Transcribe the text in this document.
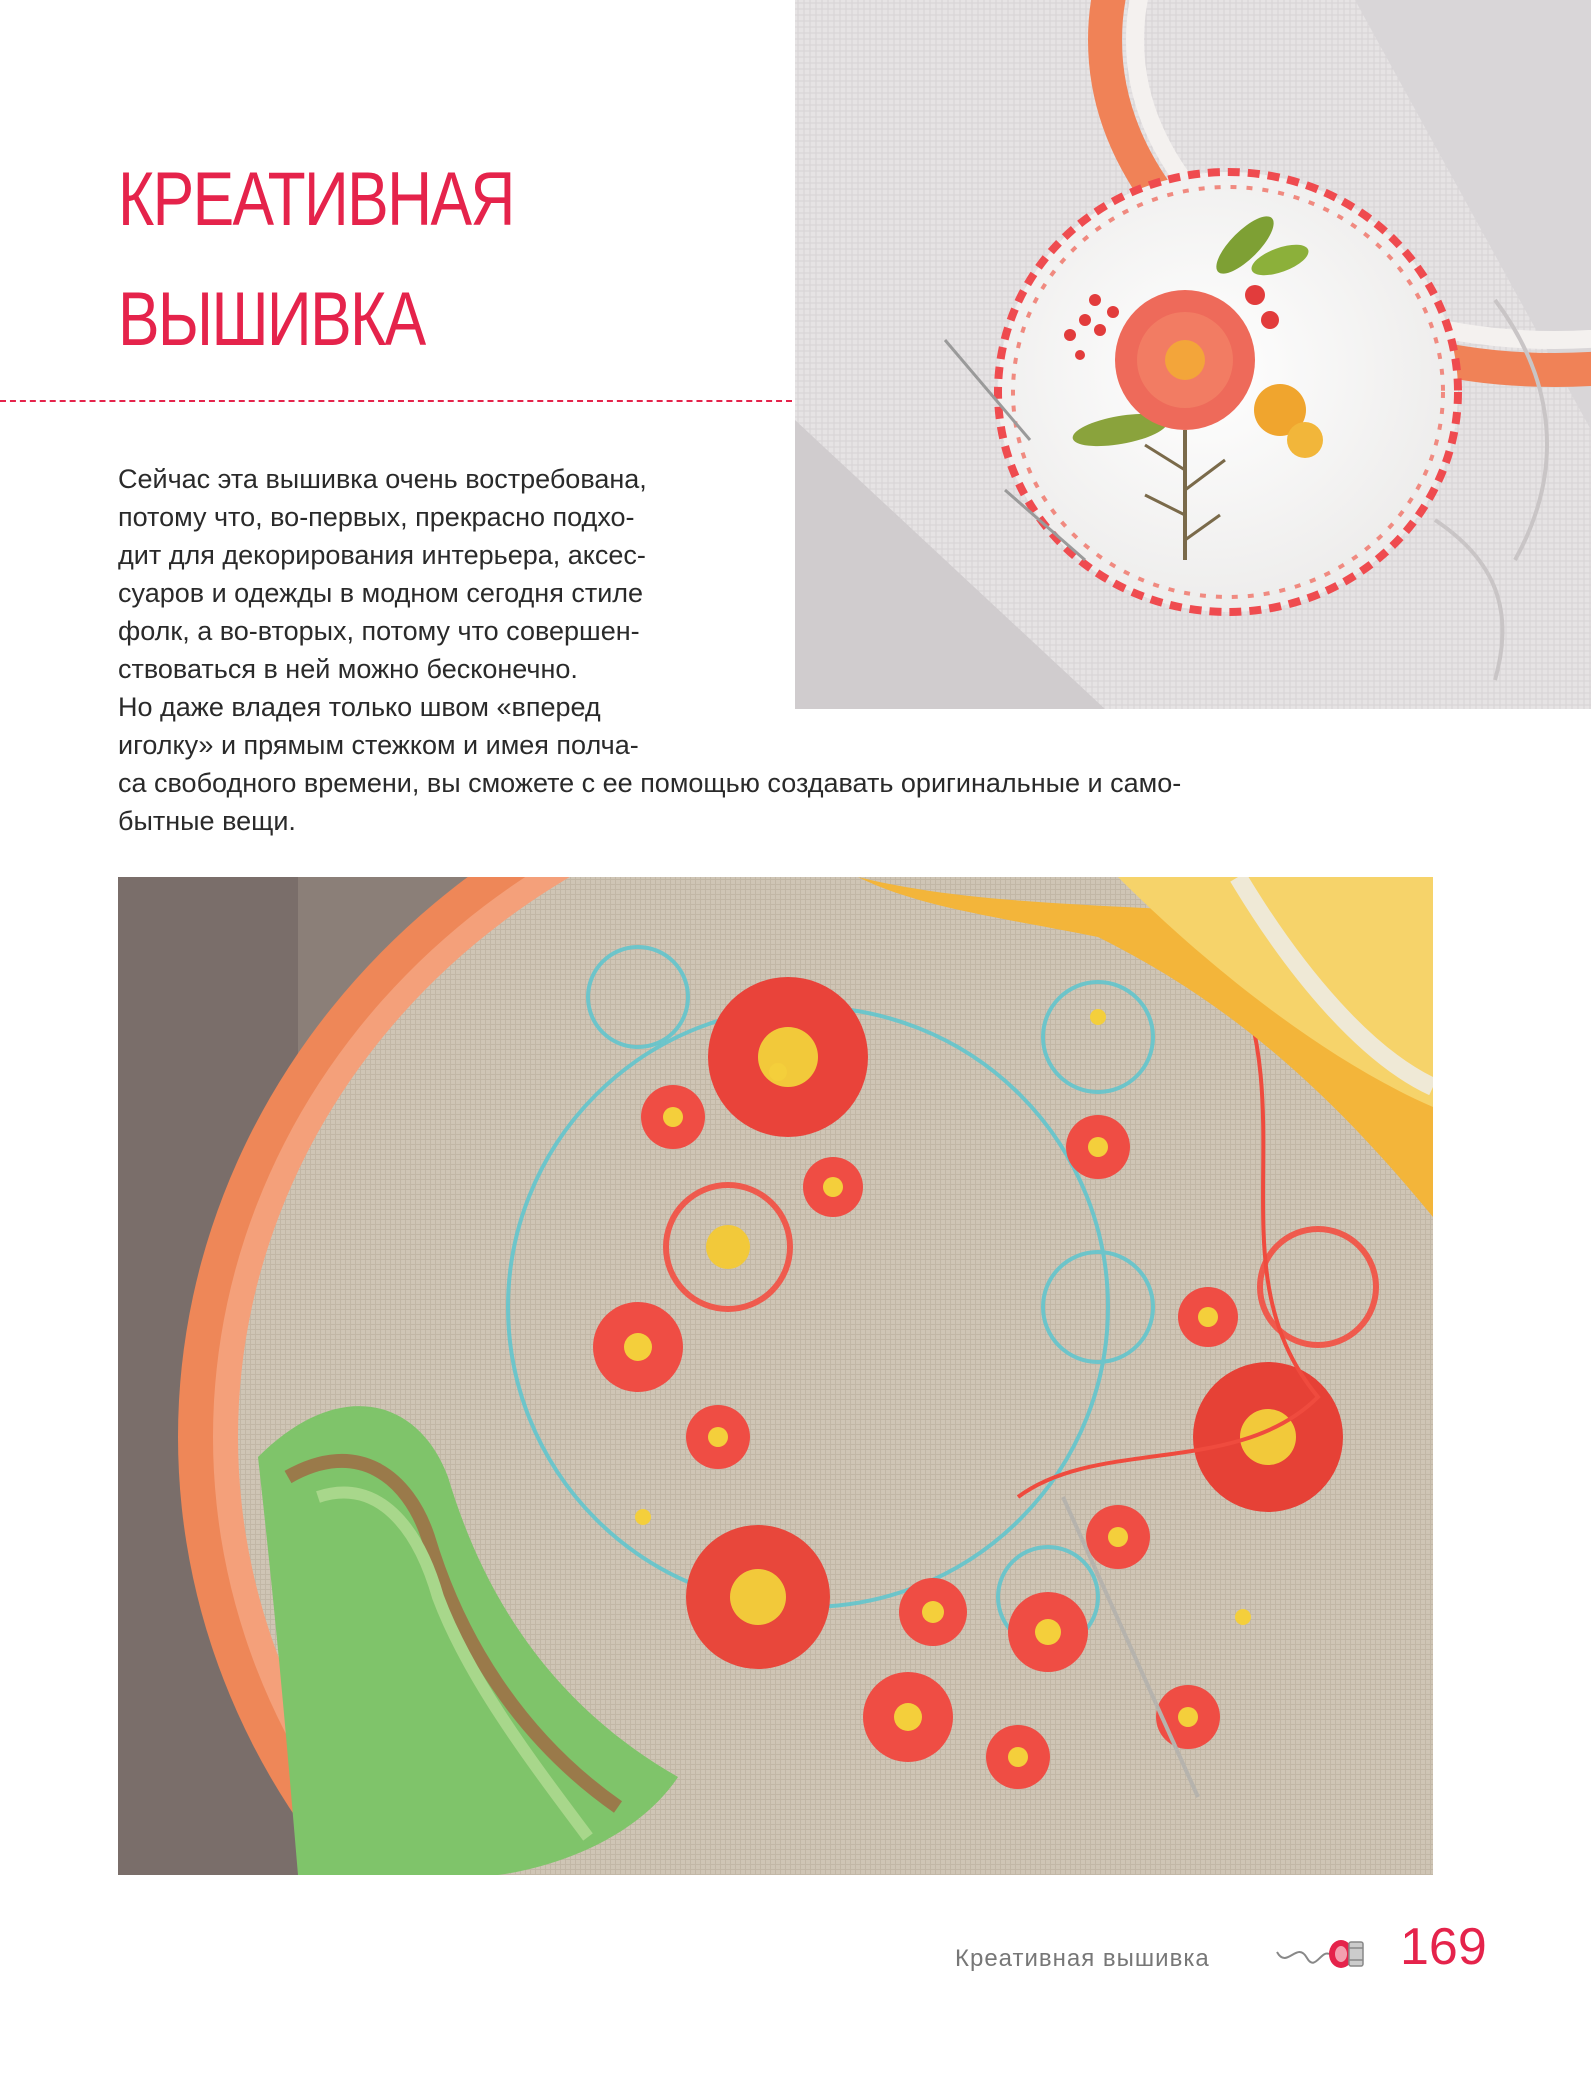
КРЕАТИВНАЯ
ВЫШИВКА
Сейчас эта вышивка очень востребована,
потому что, во-первых, прекрасно подхо-
дит для декорирования интерьера, аксес-
суаров и одежды в модном сегодня стиле
фолк, а во-вторых, потому что совершен-
ствоваться в ней можно бесконечно.
Но даже владея только швом «вперед
иголку» и прямым стежком и имея полча-
са свободного времени, вы сможете с ее помощью создавать оригинальные и само-
бытные вещи.
Креативная вышивка	169
